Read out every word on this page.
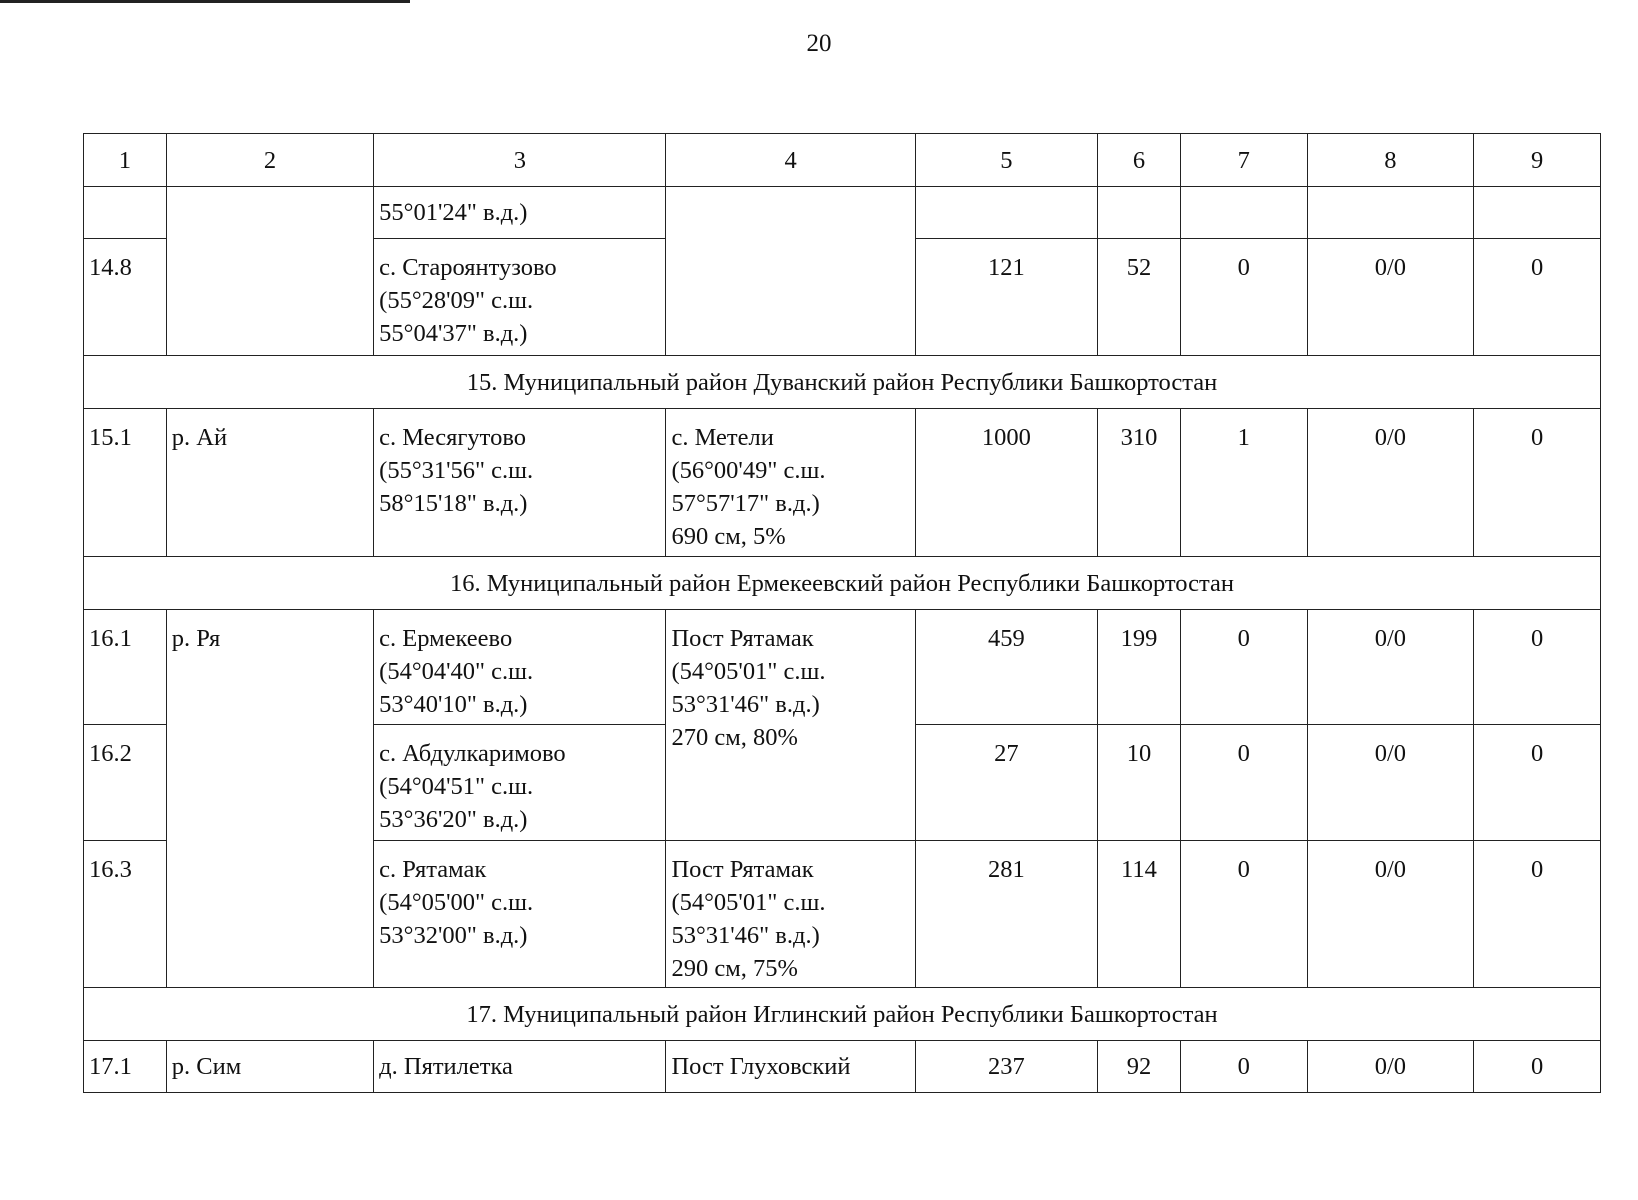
20
1	2	3	4	5	6	7	8	9
		55°01'24" в.д.)						
14.8		с. Староянтузово
(55°28'09" с.ш.
55°04'37" в.д.)		121	52	0	0/0	0
15. Муниципальный район Дуванский район Республики Башкортостан								
15.1	р. Ай	с. Месягутово
(55°31'56" с.ш.
58°15'18" в.д.)	с. Метели
(56°00'49" с.ш.
57°57'17" в.д.)
690 см, 5%	1000	310	1	0/0	0
16. Муниципальный район Ермекеевский район Республики Башкортостан								
16.1	р. Ря	с. Ермекеево
(54°04'40" с.ш.
53°40'10" в.д.)	Пост Рятамак
(54°05'01" с.ш.
53°31'46" в.д.)
270 см, 80%	459	199	0	0/0	0
16.2		с. Абдулкаримово
(54°04'51" с.ш.
53°36'20" в.д.)		27	10	0	0/0	0
16.3		с. Рятамак
(54°05'00" с.ш.
53°32'00" в.д.)	Пост Рятамак
(54°05'01" с.ш.
53°31'46" в.д.)
290 см, 75%	281	114	0	0/0	0
17. Муниципальный район Иглинский район Республики Башкортостан								
17.1	р. Сим	д. Пятилетка	Пост Глуховский	237	92	0	0/0	0
